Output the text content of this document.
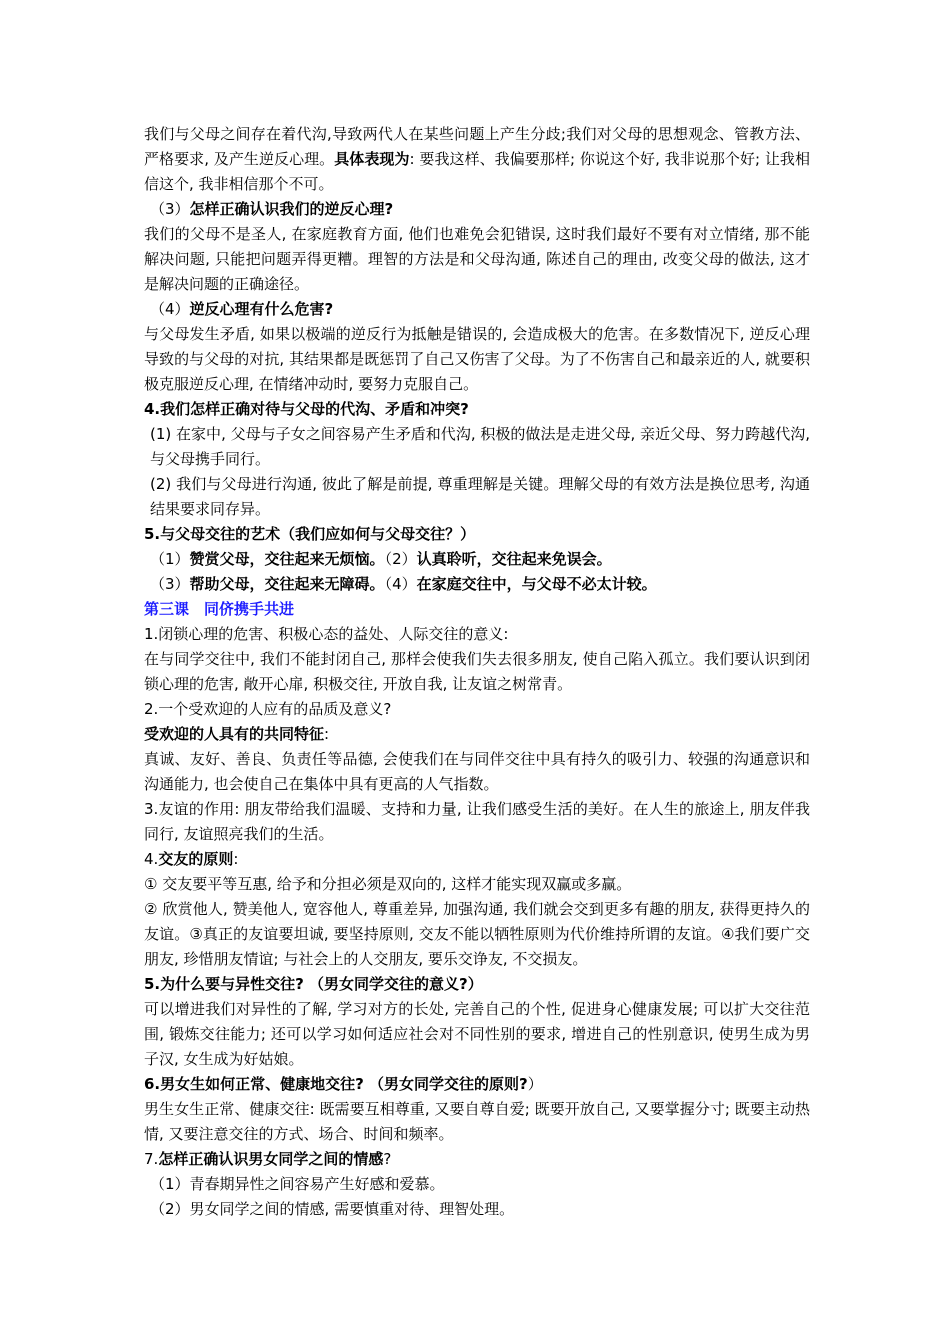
我们与父母之间存在着代沟,导致两代人在某些问题上产生分歧;我们对父母的思想观念、管教方法、严格要求, 及产生逆反心理。具体表现为: 要我这样、我偏要那样; 你说这个好, 我非说那个好; 让我相信这个, 我非相信那个不可。

（3）怎样正确认识我们的逆反心理?

我们的父母不是圣人, 在家庭教育方面, 他们也难免会犯错误, 这时我们最好不要有对立情绪, 那不能解决问题, 只能把问题弄得更糟。理智的方法是和父母沟通, 陈述自己的理由, 改变父母的做法, 这才是解决问题的正确途径。

（4）逆反心理有什么危害?

与父母发生矛盾, 如果以极端的逆反行为抵触是错误的, 会造成极大的危害。在多数情况下, 逆反心理导致的与父母的对抗, 其结果都是既惩罚了自己又伤害了父母。为了不伤害自己和最亲近的人, 就要积极克服逆反心理, 在情绪冲动时, 要努力克服自己。

4.我们怎样正确对待与父母的代沟、矛盾和冲突?

(1) 在家中, 父母与子女之间容易产生矛盾和代沟, 积极的做法是走进父母, 亲近父母、努力跨越代沟, 与父母携手同行。

(2) 我们与父母进行沟通, 彼此了解是前提, 尊重理解是关键。理解父母的有效方法是换位思考, 沟通结果要求同存异。

5.与父母交往的艺术（我们应如何与父母交往？）

（1）赞赏父母，交往起来无烦恼。（2）认真聆听，交往起来免误会。

（3）帮助父母，交往起来无障碍。（4）在家庭交往中，与父母不必太计较。

第三课　同侪携手共进

1.闭锁心理的危害、积极心态的益处、人际交往的意义:

在与同学交往中, 我们不能封闭自己, 那样会使我们失去很多朋友, 使自己陷入孤立。我们要认识到闭锁心理的危害, 敞开心扉, 积极交往, 开放自我, 让友谊之树常青。

2.一个受欢迎的人应有的品质及意义?

受欢迎的人具有的共同特征:

真诚、友好、善良、负责任等品德, 会使我们在与同伴交往中具有持久的吸引力、较强的沟通意识和沟通能力, 也会使自己在集体中具有更高的人气指数。

3.友谊的作用: 朋友带给我们温暖、支持和力量, 让我们感受生活的美好。在人生的旅途上, 朋友伴我同行, 友谊照亮我们的生活。

4.交友的原则:

① 交友要平等互惠, 给予和分担必须是双向的, 这样才能实现双赢或多赢。

② 欣赏他人, 赞美他人, 宽容他人, 尊重差异, 加强沟通, 我们就会交到更多有趣的朋友, 获得更持久的友谊。③真正的友谊要坦诚, 要坚持原则, 交友不能以牺牲原则为代价维持所谓的友谊。④我们要广交朋友, 珍惜朋友情谊; 与社会上的人交朋友, 要乐交诤友, 不交损友。

5.为什么要与异性交往? （男女同学交往的意义?）

可以增进我们对异性的了解, 学习对方的长处, 完善自己的个性, 促进身心健康发展; 可以扩大交往范围, 锻炼交往能力; 还可以学习如何适应社会对不同性别的要求, 增进自己的性别意识, 使男生成为男子汉, 女生成为好姑娘。

6.男女生如何正常、健康地交往? （男女同学交往的原则?）

男生女生正常、健康交往: 既需要互相尊重, 又要自尊自爱; 既要开放自己, 又要掌握分寸; 既要主动热情, 又要注意交往的方式、场合、时间和频率。

7.怎样正确认识男女同学之间的情感?

（1）青春期异性之间容易产生好感和爱慕。

（2）男女同学之间的情感, 需要慎重对待、理智处理。
